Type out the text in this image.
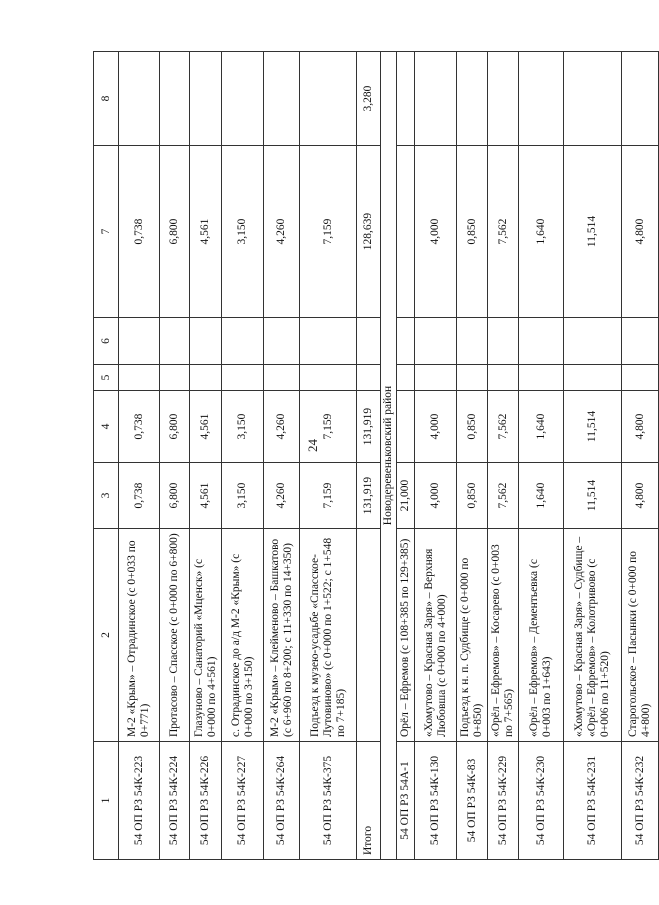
24
1	2	3	4	5	6	7	8
54 ОП РЗ 54К-223	М-2 «Крым» – Отрадинское (с 0+033 по 0+771)	0,738	0,738			0,738	
54 ОП РЗ 54К-224	Протасово – Спасское (с 0+000 по 6+800)	6,800	6,800			6,800	
54 ОП РЗ 54К-226	Глазуново – Санаторий «Мценск» (с 0+000 по 4+561)	4,561	4,561			4,561	
54 ОП РЗ 54К-227	с. Отрадинское до а/д М-2 «Крым» (с 0+000 по 3+150)	3,150	3,150			3,150	
54 ОП РЗ 54К-264	М-2 «Крым» – Клейменово – Башкатово (с 6+960 по 8+200; с 11+330 по 14+350)	4,260	4,260			4,260	
54 ОП РЗ 54К-375	Подъезд к музею-усадьбе «Спасское-Лутовиново» (с 0+000 по 1+522; с 1+548 по 7+185)	7,159	7,159			7,159	
Итого		131,919	131,919			128,639	3,280
Новодеревеньковский район							
54 ОП РЗ 54А-1	Орёл – Ефремов (с 108+385 по 129+385)	21,000					
54 ОП РЗ 54К-130	«Хомутово – Красная Заря» – Верхняя Любовша (с 0+000 по 4+000)	4,000	4,000			4,000	
54 ОП РЗ 54К-83	Подъезд к н. п. Судбище (с 0+000 по 0+850)	0,850	0,850			0,850	
54 ОП РЗ 54К-229	«Орёл – Ефремов» – Косарево (с 0+003 по 7+565)	7,562	7,562			7,562	
54 ОП РЗ 54К-230	«Орёл – Ефремов» – Дементьевка (с 0+003 по 1+643)	1,640	1,640			1,640	
54 ОП РЗ 54К-231	«Хомутово – Красная Заря» – Судбище – «Орёл – Ефремов» – Колотривово (с 0+006 по 11+520)	11,514	11,514			11,514	
54 ОП РЗ 54К-232	Старогольское – Пасынки (с 0+000 по 4+800)	4,800	4,800			4,800	
